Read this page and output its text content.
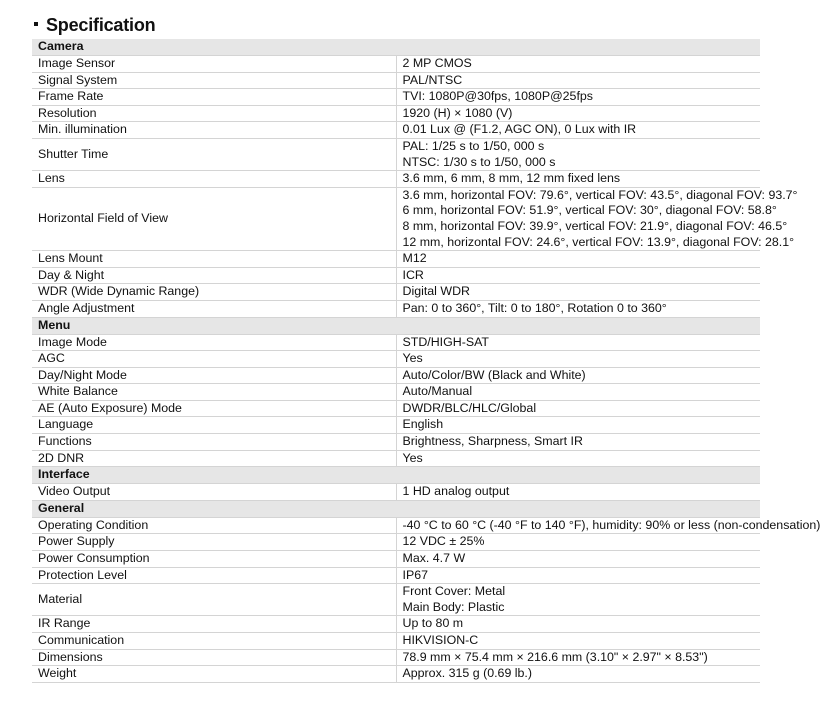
Specification
Camera	
Image Sensor	2 MP CMOS

Signal System	PAL/NTSC

Frame Rate	TVI: 1080P@30fps, 1080P@25fps

Resolution	1920 (H) × 1080 (V)

Min. illumination	0.01 Lux @ (F1.2, AGC ON), 0 Lux with IR

Shutter Time	PAL: 1/25 s to 1/50, 000 s
NTSC: 1/30 s to 1/50, 000 s

Lens	3.6 mm, 6 mm, 8 mm, 12 mm fixed lens

Horizontal Field of View	3.6 mm, horizontal FOV: 79.6°, vertical FOV: 43.5°, diagonal FOV: 93.7°
6 mm, horizontal FOV: 51.9°, vertical FOV: 30°, diagonal FOV: 58.8°
8 mm, horizontal FOV: 39.9°, vertical FOV: 21.9°, diagonal FOV: 46.5°
12 mm, horizontal FOV: 24.6°, vertical FOV: 13.9°, diagonal FOV: 28.1°

Lens Mount	M12

Day & Night	ICR

WDR (Wide Dynamic Range)	Digital WDR

Angle Adjustment	Pan: 0 to 360°, Tilt: 0 to 180°, Rotation 0 to 360°

Menu	
Image Mode	STD/HIGH-SAT

AGC	Yes

Day/Night Mode	Auto/Color/BW (Black and White)

White Balance	Auto/Manual

AE (Auto Exposure) Mode	DWDR/BLC/HLC/Global

Language	English

Functions	Brightness, Sharpness, Smart IR

2D DNR	Yes

Interface	
Video Output	1 HD analog output

General	
Operating Condition	-40 °C to 60 °C (-40 °F to 140 °F), humidity: 90% or less (non-condensation)

Power Supply	12 VDC ± 25%

Power Consumption	Max. 4.7 W

Protection Level	IP67

Material	Front Cover: Metal
Main Body: Plastic

IR Range	Up to 80 m

Communication	HIKVISION-C

Dimensions	78.9 mm × 75.4 mm × 216.6 mm (3.10" × 2.97" × 8.53")

Weight	Approx. 315 g (0.69 lb.)
